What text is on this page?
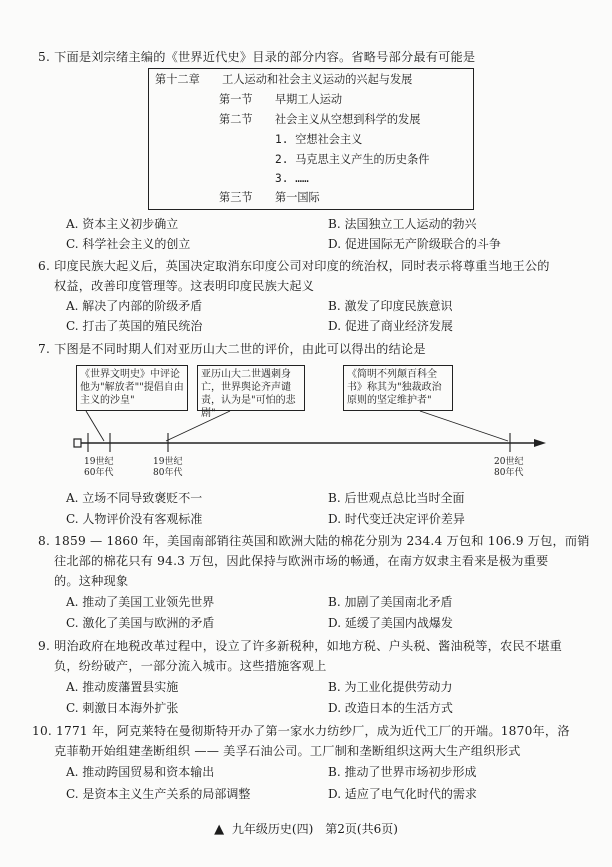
5. 下面是刘宗绪主编的《世界近代史》目录的部分内容。省略号部分最有可能是
第十二章　　工人运动和社会主义运动的兴起与发展
第一节　　早期工人运动
第二节　　社会主义从空想到科学的发展
1. 空想社会主义
2. 马克思主义产生的历史条件
3. ……
第三节　　第一国际
A. 资本主义初步确立	B. 法国独立工人运动的勃兴
C. 科学社会主义的创立	D. 促进国际无产阶级联合的斗争
6. 印度民族大起义后，英国决定取消东印度公司对印度的统治权，同时表示将尊重当地王公的
权益，改善印度管理等。这表明印度民族大起义
A. 解决了内部的阶级矛盾	B. 激发了印度民族意识
C. 打击了英国的殖民统治	D. 促进了商业经济发展
7. 下图是不同时期人们对亚历山大二世的评价，由此可以得出的结论是
《世界文明史》中评论他为"解放者""提倡自由主义的沙皇"
亚历山大二世遇刺身亡，世界舆论齐声谴责，认为是"可怕的悲剧"
《简明不列颠百科全书》称其为"独裁政治原则的坚定维护者"
19世纪
60年代
19世纪
80年代
20世纪
80年代
A. 立场不同导致褒贬不一	B. 后世观点总比当时全面
C. 人物评价没有客观标准	D. 时代变迁决定评价差异
8. 1859 — 1860 年，美国南部销往英国和欧洲大陆的棉花分别为 234.4 万包和 106.9 万包，而销
往北部的棉花只有 94.3 万包，因此保持与欧洲市场的畅通，在南方奴隶主看来是极为重要
的。这种现象
A. 推动了美国工业领先世界	B. 加剧了美国南北矛盾
C. 激化了美国与欧洲的矛盾	D. 延缓了美国内战爆发
9. 明治政府在地税改革过程中，设立了许多新税种，如地方税、户头税、酱油税等，农民不堪重
负，纷纷破产，一部分流入城市。这些措施客观上
A. 推动废藩置县实施	B. 为工业化提供劳动力
C. 刺激日本海外扩张	D. 改造日本的生活方式
10. 1771 年，阿克莱特在曼彻斯特开办了第一家水力纺纱厂，成为近代工厂的开端。1870年，洛
克菲勒开始组建垄断组织 —— 美孚石油公司。工厂制和垄断组织这两大生产组织形式
A. 推动跨国贸易和资本输出	B. 推动了世界市场初步形成
C. 是资本主义生产关系的局部调整	D. 适应了电气化时代的需求
▲ 九年级历史(四)　第2页(共6页)
